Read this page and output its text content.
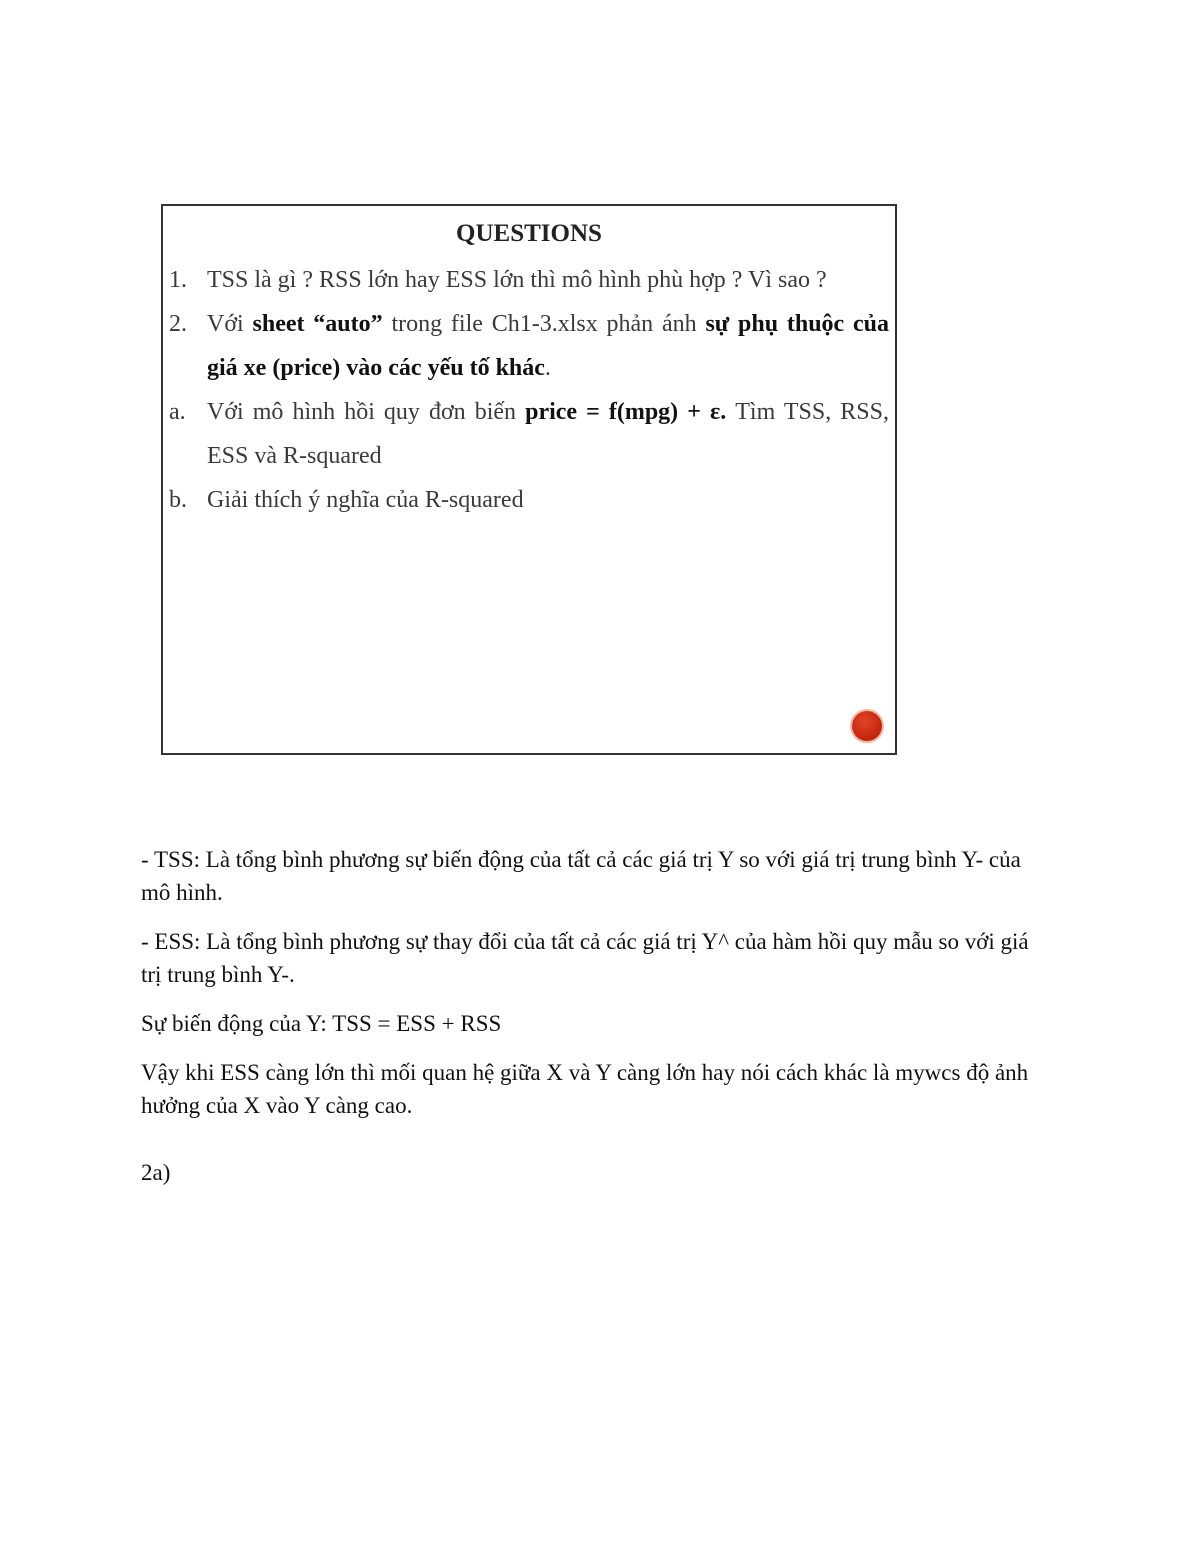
QUESTIONS
1. TSS là gì ? RSS lớn hay ESS lớn thì mô hình phù hợp ? Vì sao ?
2. Với sheet “auto” trong file Ch1-3.xlsx phản ánh sự phụ thuộc của giá xe (price) vào các yếu tố khác.
a. Với mô hình hồi quy đơn biến price = f(mpg) + ε. Tìm TSS, RSS, ESS và R-squared
b. Giải thích ý nghĩa của R-squared

- TSS: Là tổng bình phương sự biến động của tất cả các giá trị Y so với giá trị trung bình Y- của mô hình.

- ESS: Là tổng bình phương sự thay đổi của tất cả các giá trị Y^ của hàm hồi quy mẫu so với giá trị trung bình Y-.

Sự biến động của Y: TSS = ESS + RSS

Vậy khi ESS càng lớn thì mối quan hệ giữa X và Y càng lớn hay nói cách khác là mywcs độ ảnh hưởng của X vào Y càng cao.

2a)
